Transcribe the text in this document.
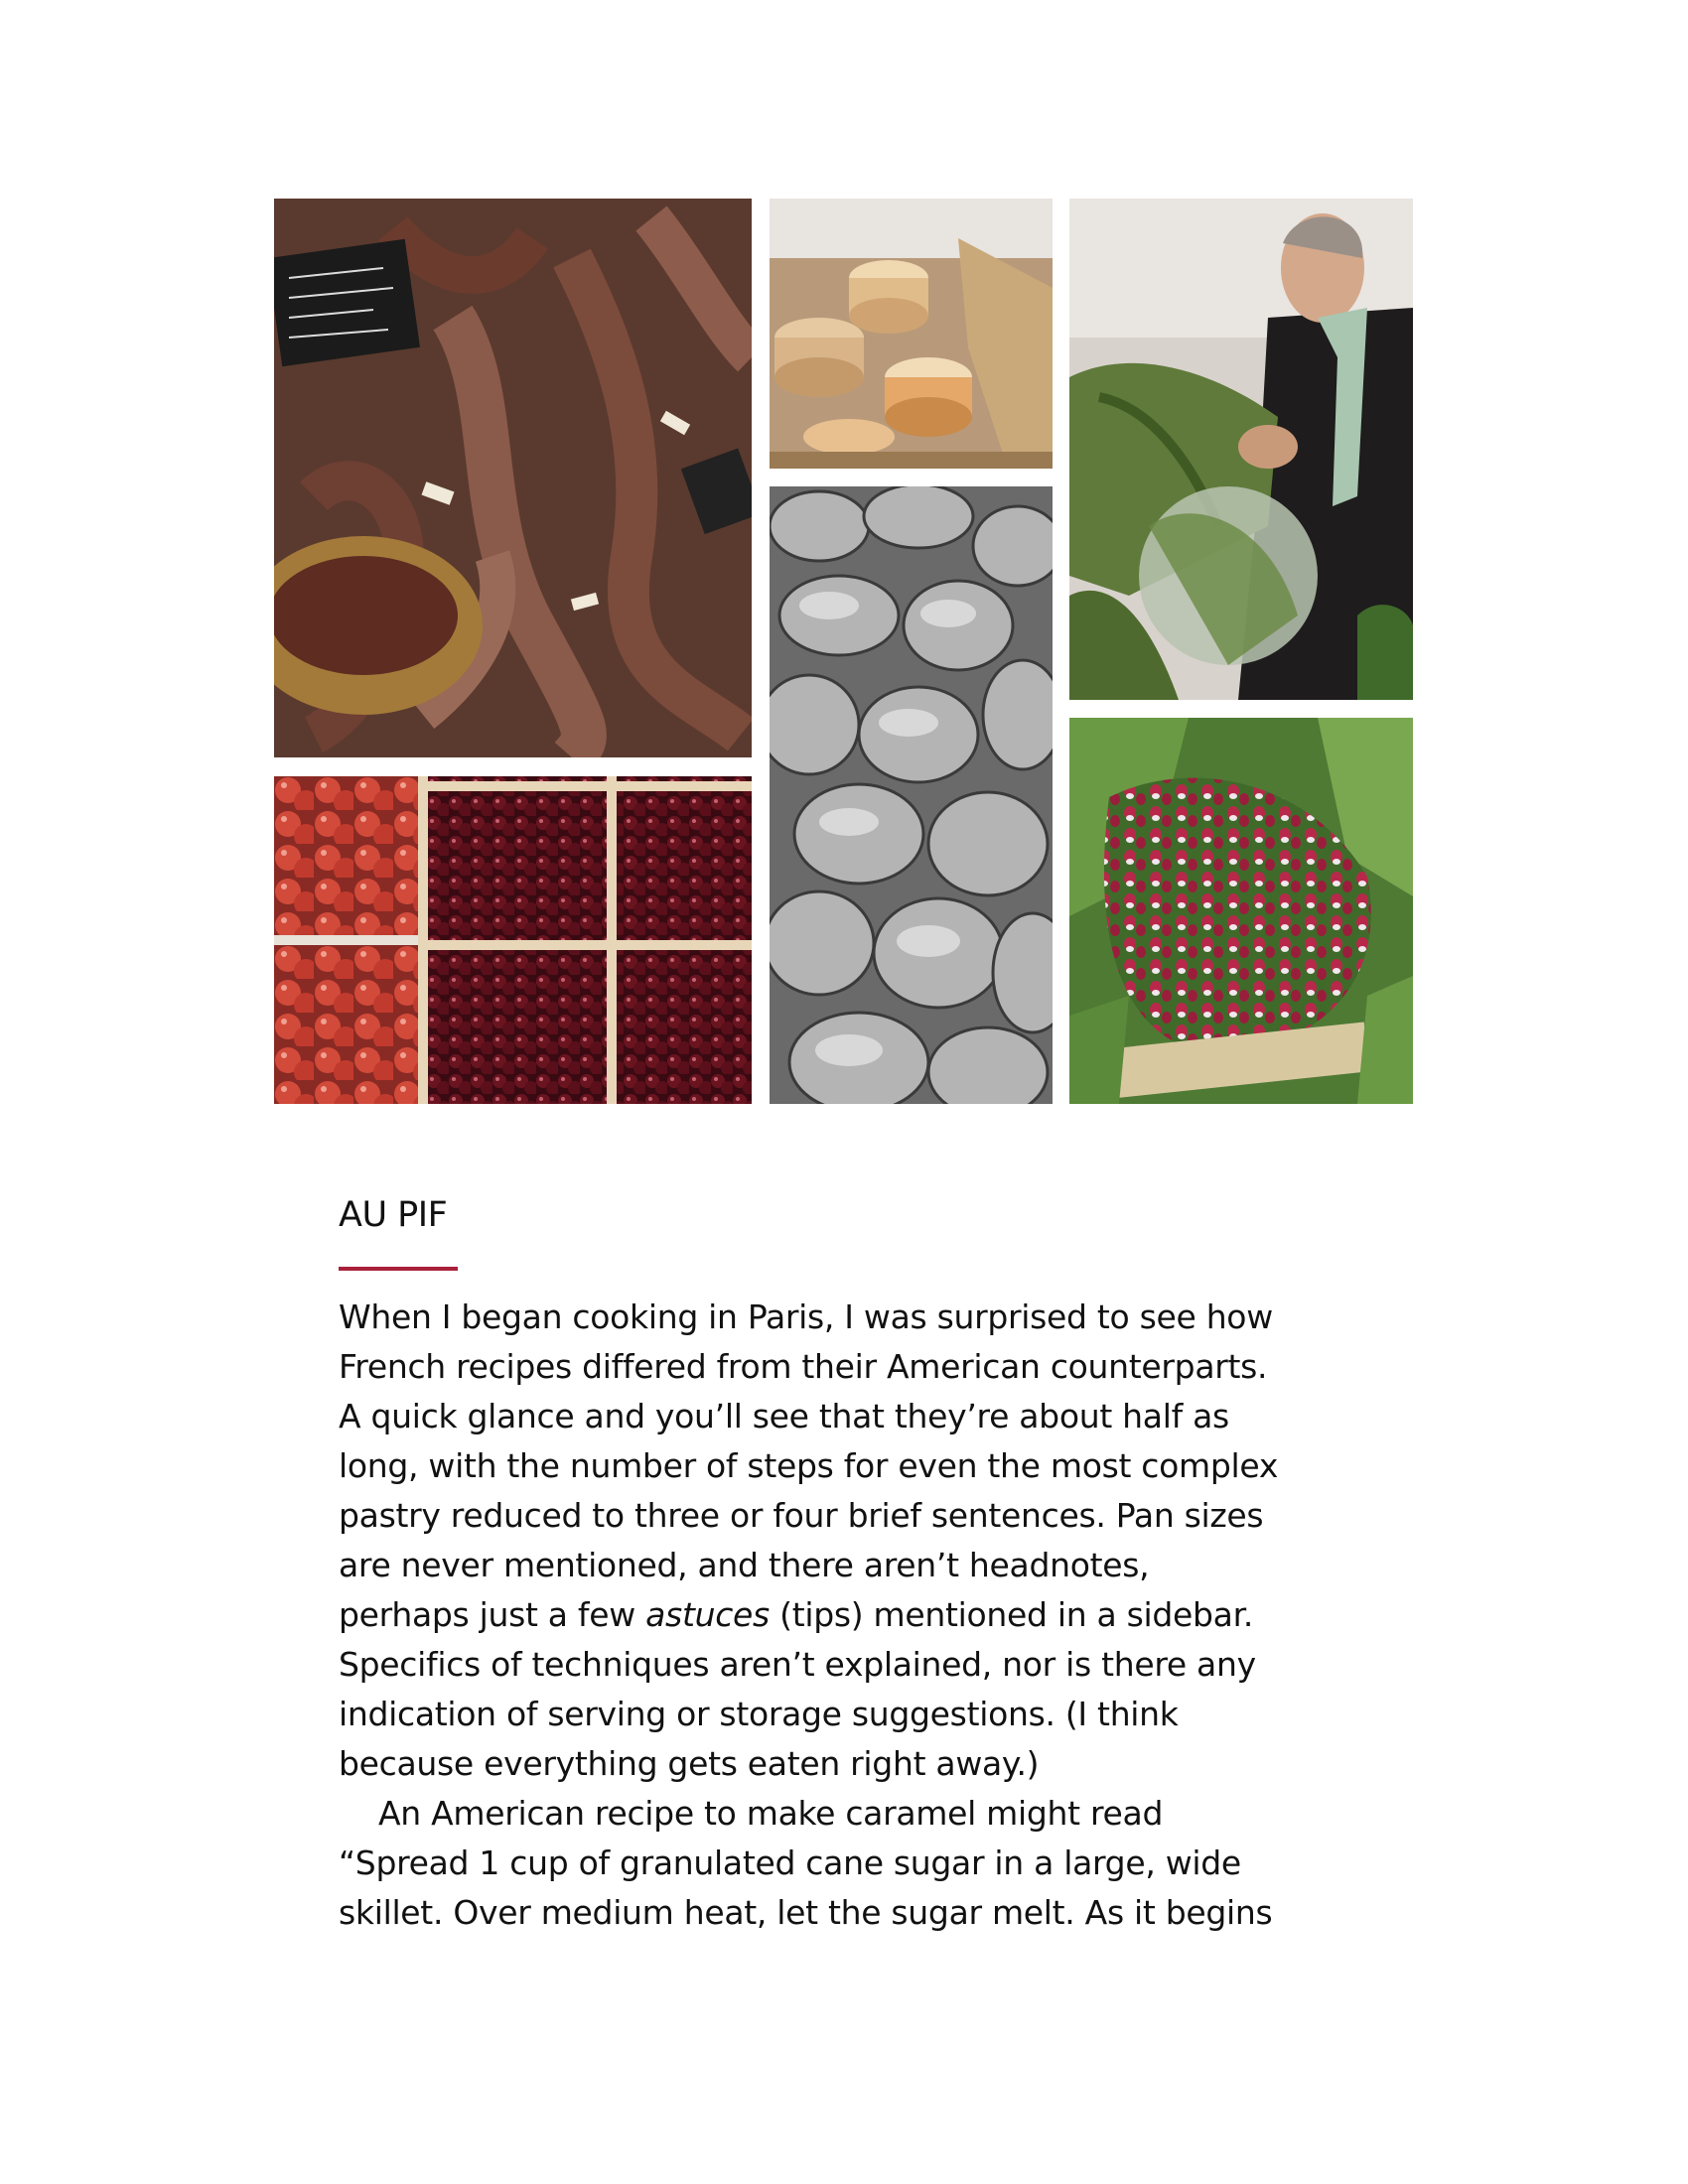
AU PIF
When I began cooking in Paris, I was surprised to see how
French recipes differed from their American counterparts.
A quick glance and you’ll see that they’re about half as
long, with the number of steps for even the most complex
pastry reduced to three or four brief sentences. Pan sizes
are never mentioned, and there aren’t headnotes,
perhaps just a few astuces (tips) mentioned in a sidebar.
Specifics of techniques aren’t explained, nor is there any
indication of serving or storage suggestions. (I think
because everything gets eaten right away.)
An American recipe to make caramel might read
“Spread 1 cup of granulated cane sugar in a large, wide
skillet. Over medium heat, let the sugar melt. As it begins
